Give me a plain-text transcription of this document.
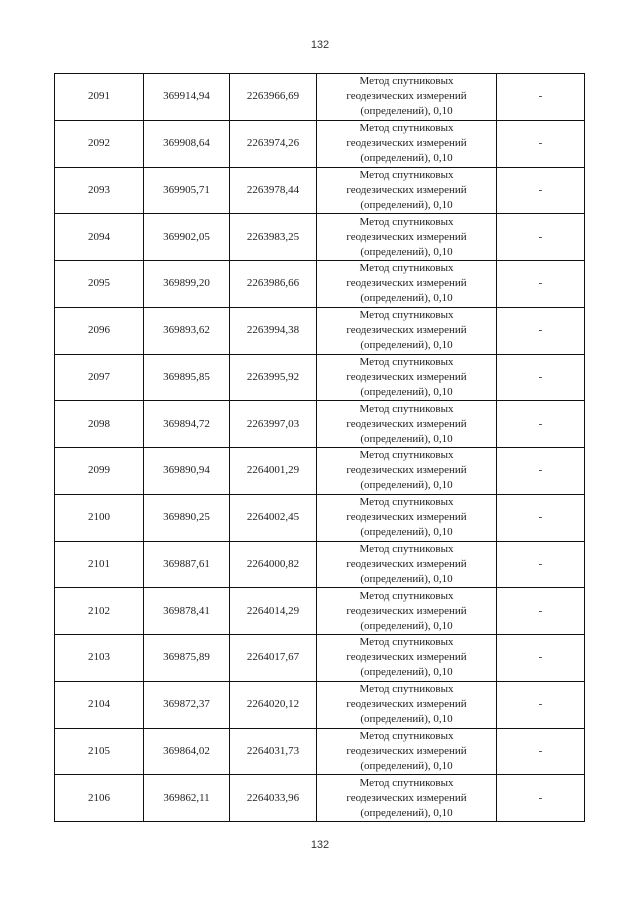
132
2091	369914,94	2263966,69	Метод спутниковых
геодезических измерений
(определений), 0,10	-
2092	369908,64	2263974,26	Метод спутниковых
геодезических измерений
(определений), 0,10	-
2093	369905,71	2263978,44	Метод спутниковых
геодезических измерений
(определений), 0,10	-
2094	369902,05	2263983,25	Метод спутниковых
геодезических измерений
(определений), 0,10	-
2095	369899,20	2263986,66	Метод спутниковых
геодезических измерений
(определений), 0,10	-
2096	369893,62	2263994,38	Метод спутниковых
геодезических измерений
(определений), 0,10	-
2097	369895,85	2263995,92	Метод спутниковых
геодезических измерений
(определений), 0,10	-
2098	369894,72	2263997,03	Метод спутниковых
геодезических измерений
(определений), 0,10	-
2099	369890,94	2264001,29	Метод спутниковых
геодезических измерений
(определений), 0,10	-
2100	369890,25	2264002,45	Метод спутниковых
геодезических измерений
(определений), 0,10	-
2101	369887,61	2264000,82	Метод спутниковых
геодезических измерений
(определений), 0,10	-
2102	369878,41	2264014,29	Метод спутниковых
геодезических измерений
(определений), 0,10	-
2103	369875,89	2264017,67	Метод спутниковых
геодезических измерений
(определений), 0,10	-
2104	369872,37	2264020,12	Метод спутниковых
геодезических измерений
(определений), 0,10	-
2105	369864,02	2264031,73	Метод спутниковых
геодезических измерений
(определений), 0,10	-
2106	369862,11	2264033,96	Метод спутниковых
геодезических измерений
(определений), 0,10	-
132
